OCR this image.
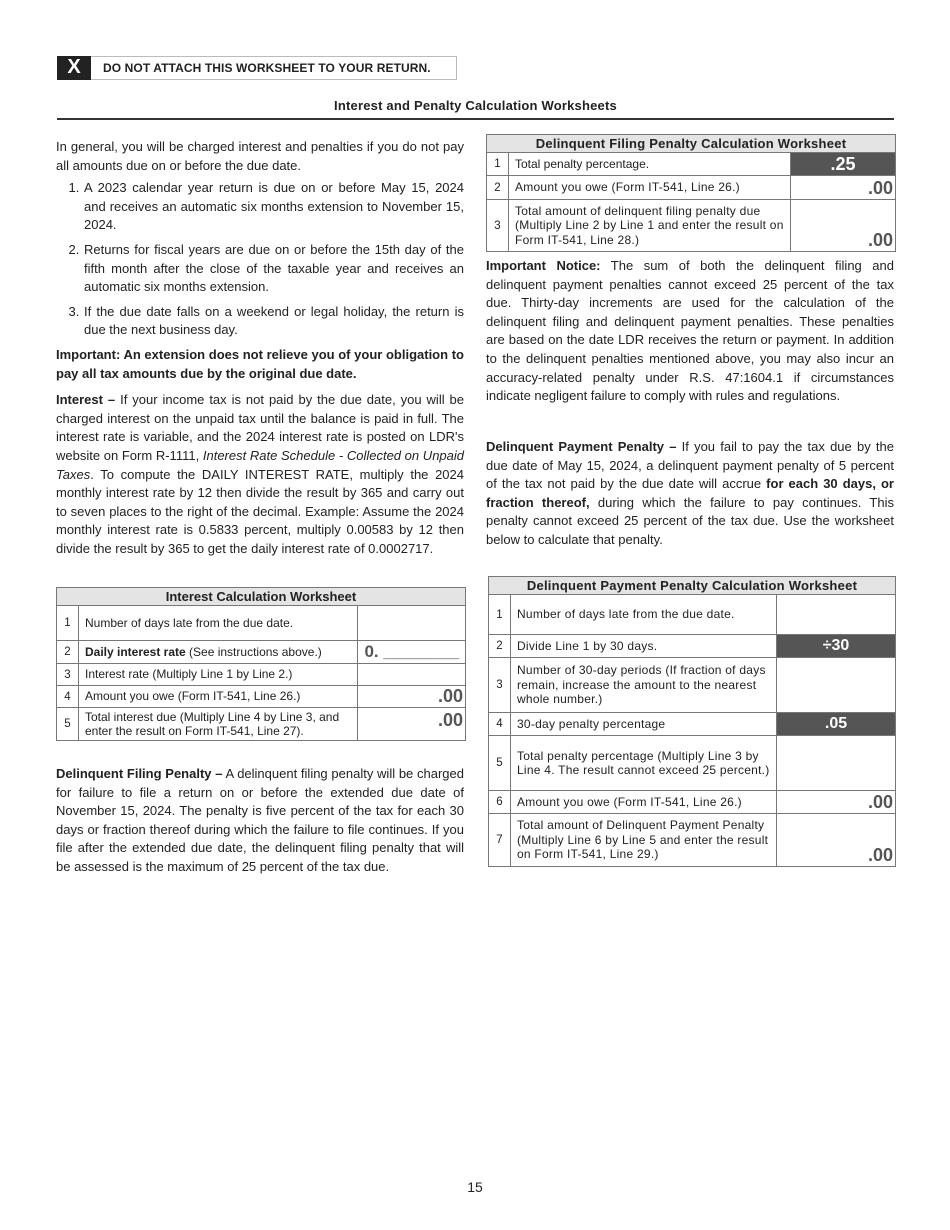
X	DO NOT ATTACH THIS WORKSHEET TO YOUR RETURN.
Interest and Penalty Calculation Worksheets

In general, you will be charged interest and penalties if you do not pay all amounts due on or before the due date.

1. A 2023 calendar year return is due on or before May 15, 2024 and receives an automatic six months extension to November 15, 2024.
2. Returns for fiscal years are due on or before the 15th day of the fifth month after the close of the taxable year and receives an automatic six months extension.
3. If the due date falls on a weekend or legal holiday, the return is due the next business day.

Important: An extension does not relieve you of your obligation to pay all tax amounts due by the original due date.

Interest – If your income tax is not paid by the due date, you will be charged interest on the unpaid tax until the balance is paid in full. The interest rate is variable, and the 2024 interest rate is posted on LDR's website on Form R-1111, Interest Rate Schedule - Collected on Unpaid Taxes. To compute the DAILY INTEREST RATE, multiply the 2024 monthly interest rate by 12 then divide the result by 365 and carry out to seven places to the right of the decimal. Example: Assume the 2024 monthly interest rate is 0.5833 percent, multiply 0.00583 by 12 then divide the result by 365 to get the daily interest rate of 0.0002717.

Interest Calculation Worksheet		
1	Number of days late from the due date.	
2	Daily interest rate (See instructions above.)	0. ________
3	Interest rate (Multiply Line 1 by Line 2.)	
4	Amount you owe (Form IT-541, Line 26.)	.00
5	Total interest due (Multiply Line 4 by Line 3, and enter the result on Form IT-541, Line 27).	.00

Delinquent Filing Penalty – A delinquent filing penalty will be charged for failure to file a return on or before the extended due date of November 15, 2024. The penalty is five percent of the tax for each 30 days or fraction thereof during which the failure to file continues. If you file after the extended due date, the delinquent filing penalty that will be assessed is the maximum of 25 percent of the tax due.

Delinquent Filing Penalty Calculation Worksheet		
1	Total penalty percentage.	.25
2	Amount you owe (Form IT-541, Line 26.)	.00
3	Total amount of delinquent filing penalty due (Multiply Line 2 by Line 1 and enter the result on Form IT-541, Line 28.)	.00

Important Notice: The sum of both the delinquent filing and delinquent payment penalties cannot exceed 25 percent of the tax due. Thirty-day increments are used for the calculation of the delinquent filing and delinquent payment penalties. These penalties are based on the date LDR receives the return or payment. In addition to the delinquent penalties mentioned above, you may also incur an accuracy-related penalty under R.S. 47:1604.1 if circumstances indicate negligent failure to comply with rules and regulations.

Delinquent Payment Penalty – If you fail to pay the tax due by the due date of May 15, 2024, a delinquent payment penalty of 5 percent of the tax not paid by the due date will accrue for each 30 days, or fraction thereof, during which the failure to pay continues. This penalty cannot exceed 25 percent of the tax due. Use the worksheet below to calculate that penalty.

Delinquent Payment Penalty Calculation Worksheet		
1	Number of days late from the due date.	
2	Divide Line 1 by 30 days.	÷30
3	Number of 30-day periods (If fraction of days remain, increase the amount to the nearest whole number.)	
4	30-day penalty percentage	.05
5	Total penalty percentage (Multiply Line 3 by Line 4. The result cannot exceed 25 percent.)	
6	Amount you owe (Form IT-541, Line 26.)	.00
7	Total amount of Delinquent Payment Penalty (Multiply Line 6 by Line 5 and enter the result on Form IT-541, Line 29.)	.00
15
